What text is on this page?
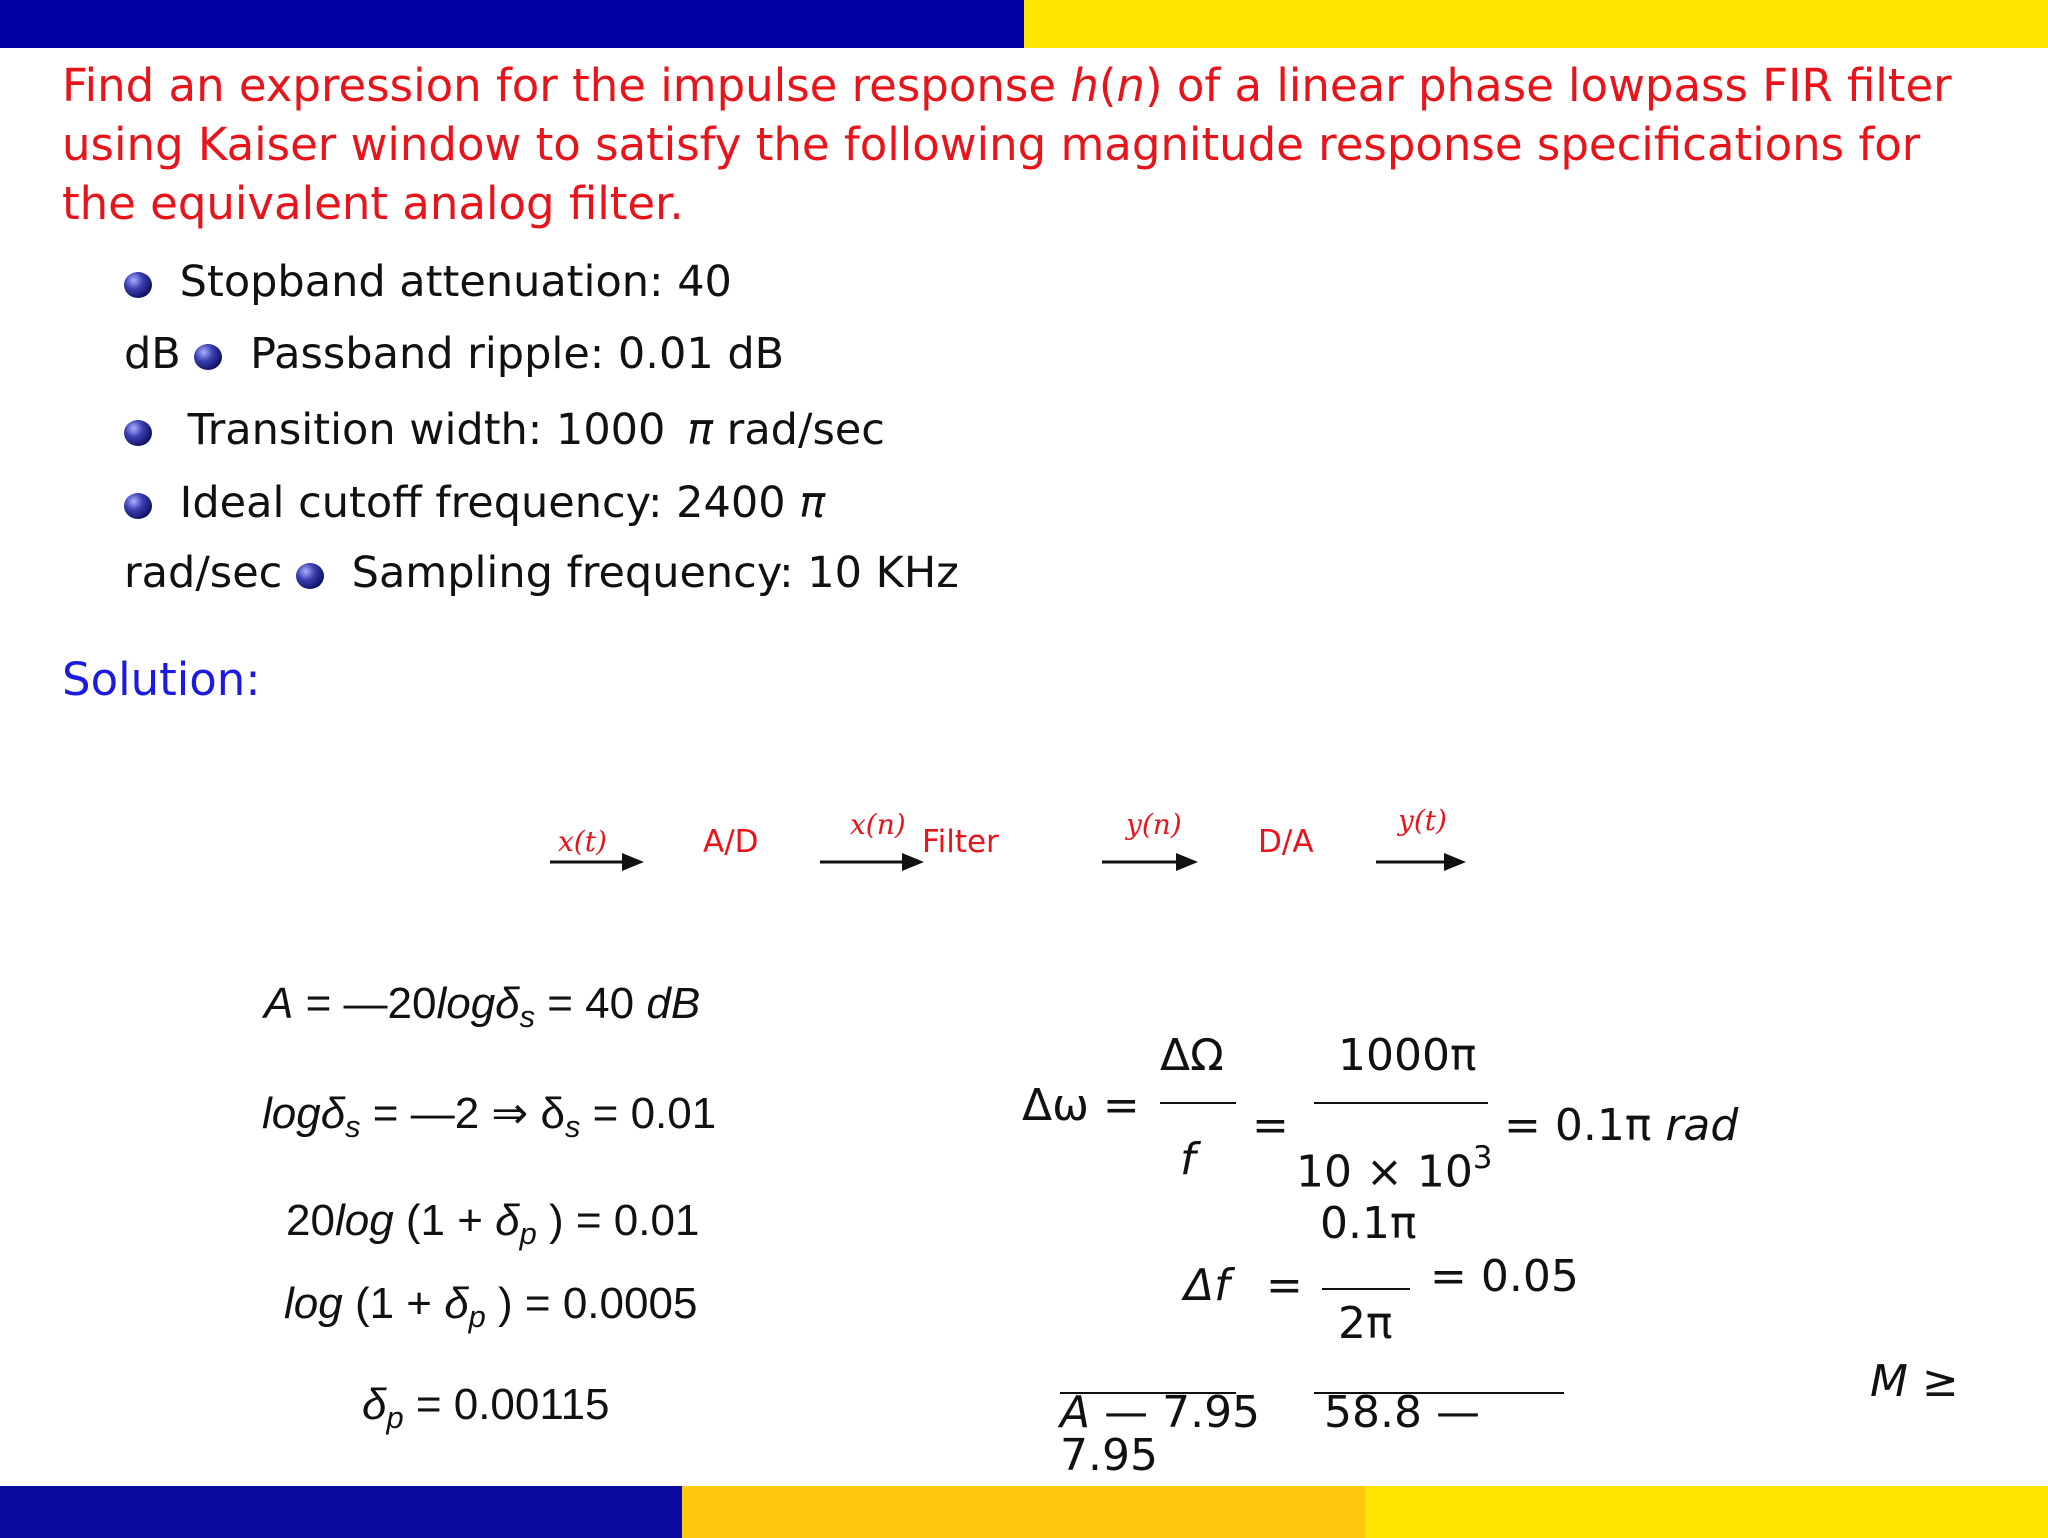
Find an expression for the impulse response h(n) of a linear phase lowpass FIR filter using Kaiser window to satisfy the following magnitude response specifications for the equivalent analog filter.
Stopband attenuation: 40
dB Passband ripple: 0.01 dB
Transition width: 1000 π rad/sec
Ideal cutoff frequency: 2400 π
rad/sec Sampling frequency: 10 KHz
Solution:
x(t)	A/D	x(n) Filter	y(n) D/A
y(t)
A = —20logδ$_s$ = 40 dB
logδ$_s$ = —2 ⇒ $\delta_s = 0.01$
20log ($1 + \delta_p$ ) = 0.01
$\log (1 + \delta_p$ ) = 0.0005
$\delta_p = 0.00115$
Δω =
ΔΩ
f
=
1000π
$10 \times 10^3$
= 0.1π rad
0.1π
Δf =
2π
= 0.05
M ≥
A — 7.95 58.8 —
7.95
